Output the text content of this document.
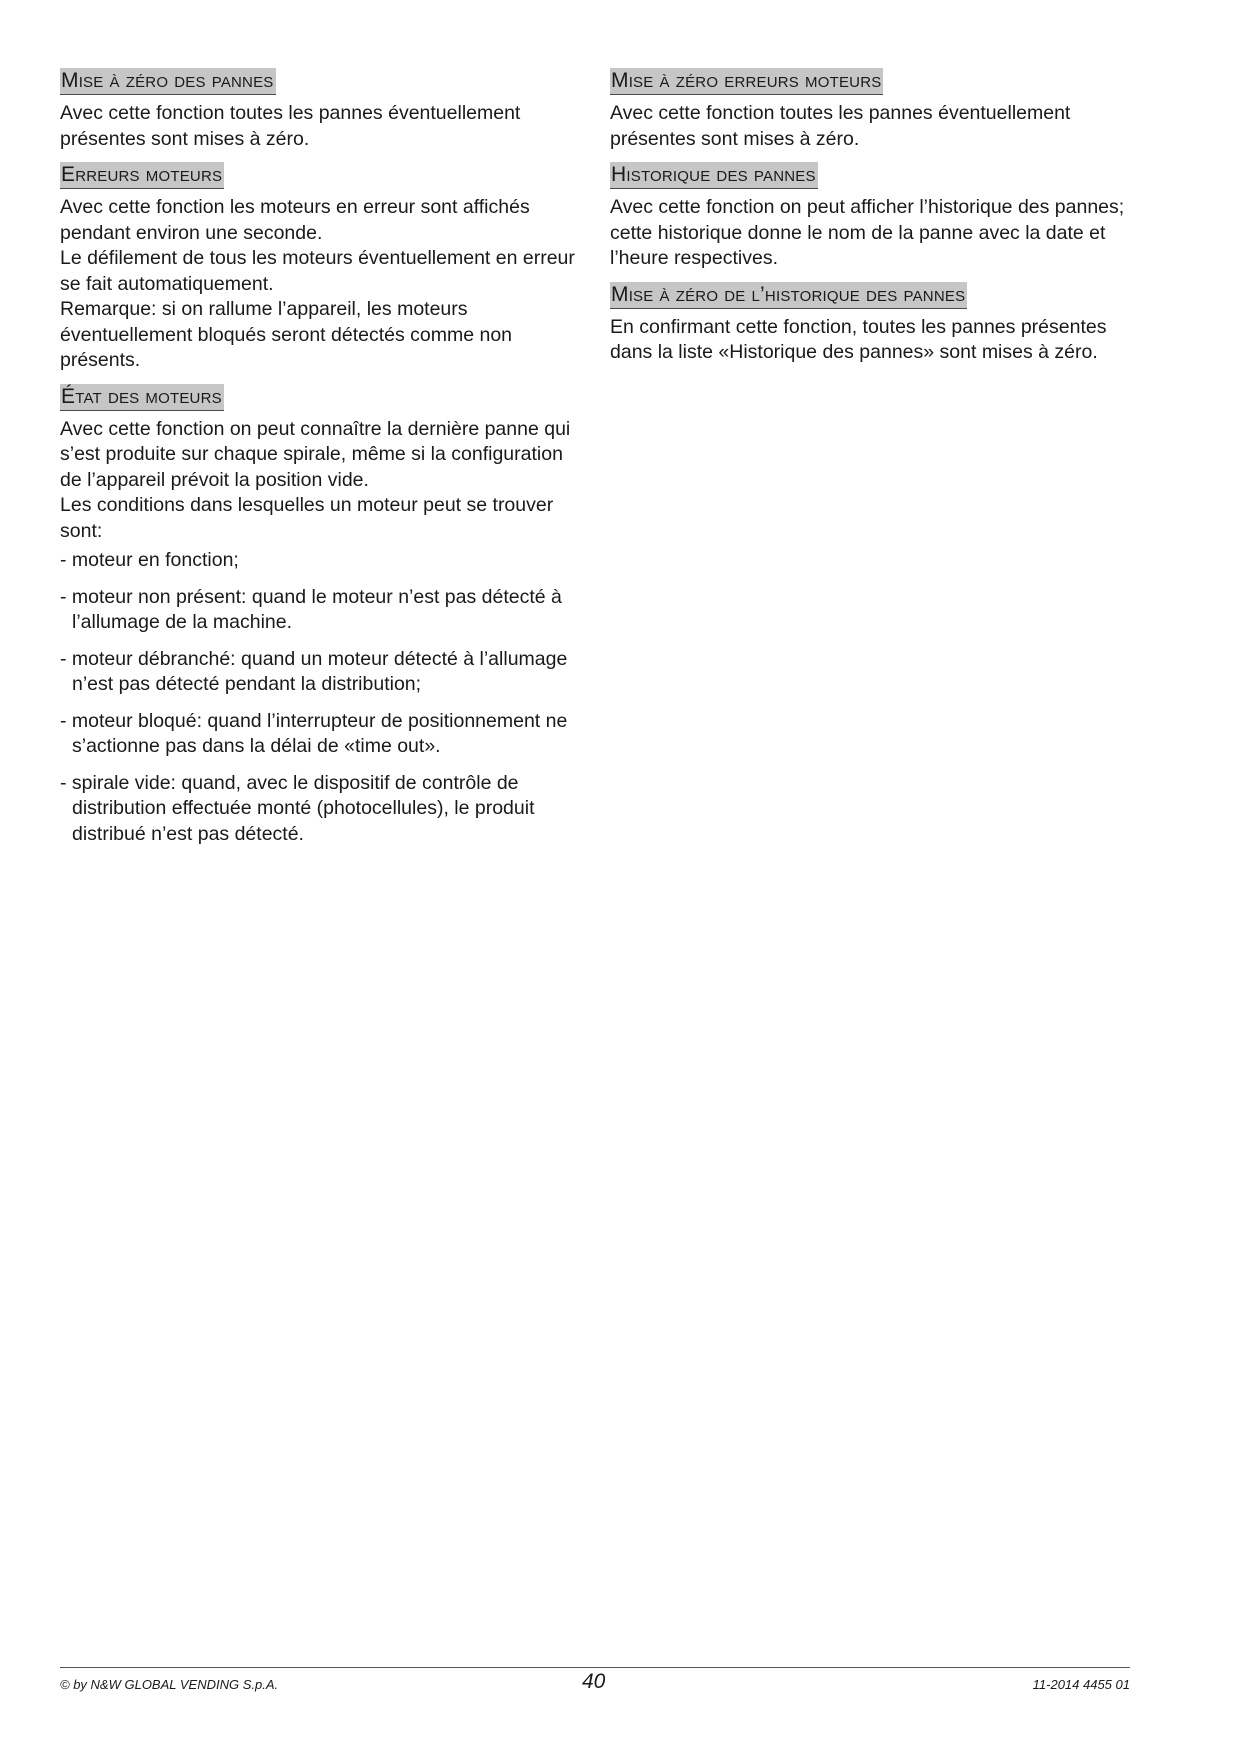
Mise à zéro des pannes

Avec cette fonction toutes les pannes éventuellement présentes sont mises à zéro.

Erreurs moteurs

Avec cette fonction les moteurs en erreur sont affichés pendant environ une seconde.

Le défilement de tous les moteurs éventuellement en erreur se fait automatiquement.

Remarque: si on rallume l’appareil, les moteurs éventuellement bloqués seront détectés comme non présents.

État des moteurs

Avec cette fonction on peut connaître la dernière panne qui s’est produite sur chaque spirale, même si la configuration de l’appareil prévoit la position vide.

Les conditions dans lesquelles un moteur peut se trouver sont:

- moteur en fonction;
- moteur non présent: quand le moteur n’est pas détecté à l’allumage de la machine.
- moteur débranché: quand un moteur détecté à l’allumage n’est pas détecté pendant la distribution;
- moteur bloqué: quand l’interrupteur de positionnement ne s’actionne pas dans la délai de «time out».
- spirale vide: quand, avec le dispositif de contrôle de distribution effectuée monté (photocellules), le produit distribué n’est pas détecté.
Mise à zéro erreurs moteurs

Avec cette fonction toutes les pannes éventuellement présentes sont mises à zéro.

Historique des pannes

Avec cette fonction on peut afficher l’historique des pannes; cette historique donne le nom de la panne avec la date et l’heure respectives.

Mise à zéro de l’historique des pannes

En confirmant cette fonction, toutes les pannes présentes dans la liste «Historique des pannes» sont mises à zéro.

© by N&W GLOBAL VENDING S.p.A.	40	11-2014 4455 01
